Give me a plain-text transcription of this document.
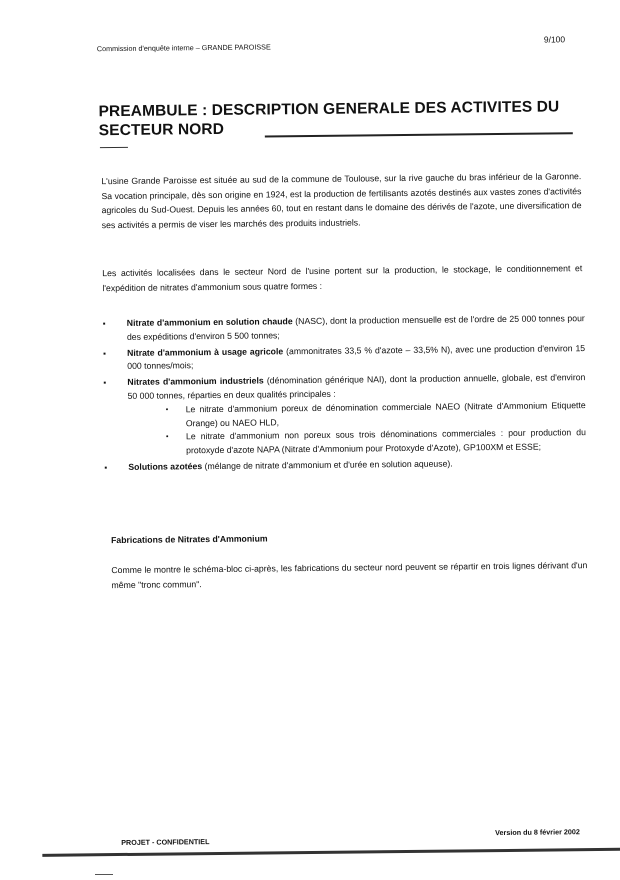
Commission d'enquête interne – GRANDE PAROISSE
9/100
PREAMBULE : DESCRIPTION GENERALE DES ACTIVITES DU SECTEUR NORD
L'usine Grande Paroisse est située au sud de la commune de Toulouse, sur la rive gauche du bras inférieur de la Garonne. Sa vocation principale, dès son origine en 1924, est la production de fertilisants azotés destinés aux vastes zones d'activités agricoles du Sud-Ouest. Depuis les années 60, tout en restant dans le domaine des dérivés de l'azote, une diversification de ses activités a permis de viser les marchés des produits industriels.
Les activités localisées dans le secteur Nord de l'usine portent sur la production, le stockage, le conditionnement et l'expédition de nitrates d'ammonium sous quatre formes :
▪ Nitrate d'ammonium en solution chaude (NASC), dont la production mensuelle est de l'ordre de 25 000 tonnes pour des expéditions d'environ 5 500 tonnes;
▪ Nitrate d'ammonium à usage agricole (ammonitrates 33,5 % d'azote – 33,5% N), avec une production d'environ 15 000 tonnes/mois;
▪ Nitrates d'ammonium industriels (dénomination générique NAI), dont la production annuelle, globale, est d'environ 50 000 tonnes, réparties en deux qualités principales :
▪ Le nitrate d'ammonium poreux de dénomination commerciale NAEO (Nitrate d'Ammonium Etiquette Orange) ou NAEO HLD,
▪ Le nitrate d'ammonium non poreux sous trois dénominations commerciales : pour production du protoxyde d'azote NAPA (Nitrate d'Ammonium pour Protoxyde d'Azote), GP100XM et ESSE;
▪ Solutions azotées (mélange de nitrate d'ammonium et d'urée en solution aqueuse).
Fabrications de Nitrates d'Ammonium
Comme le montre le schéma-bloc ci-après, les fabrications du secteur nord peuvent se répartir en trois lignes dérivant d'un même "tronc commun".
PROJET - CONFIDENTIEL
Version du 8 février 2002
